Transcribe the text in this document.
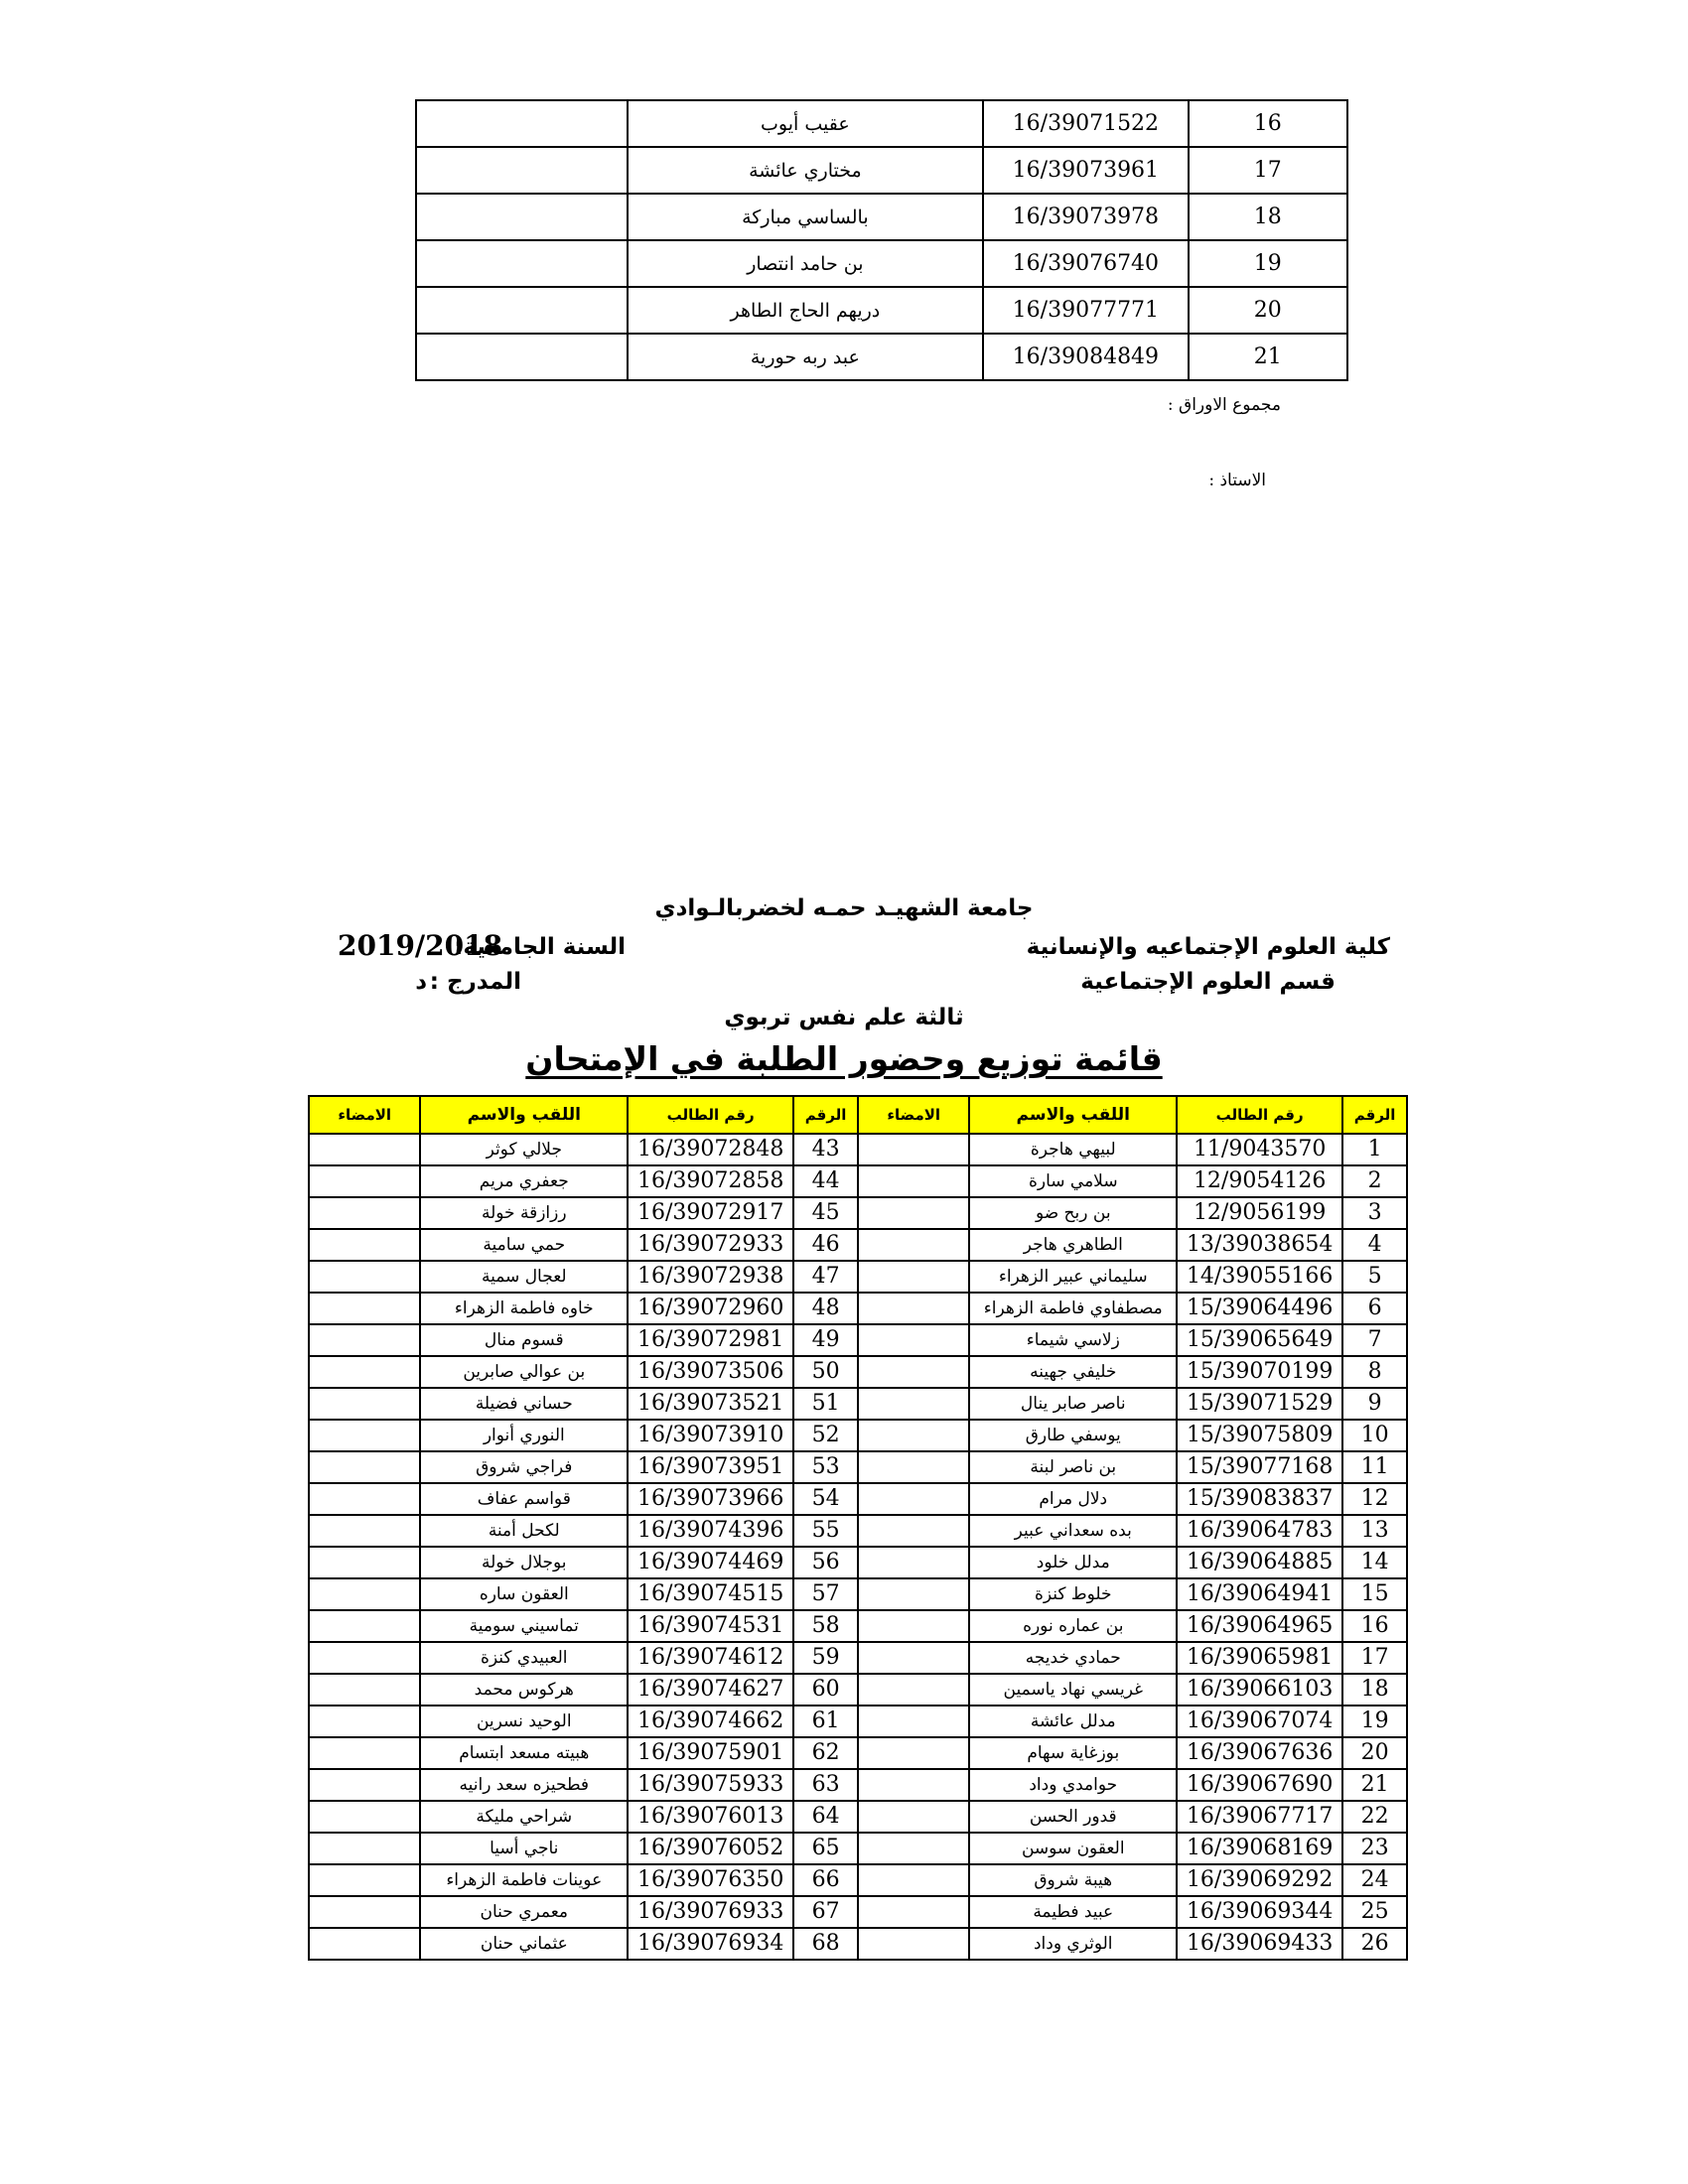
16	16/39071522	عقيب أيوب	
17	16/39073961	مختاري عائشة	
18	16/39073978	بالساسي مباركة	
19	16/39076740	بن حامد انتصار	
20	16/39077771	دريهم الحاج الطاهر	
21	16/39084849	عبد ربه حورية	
مجموع الاوراق :
الاستاذ :
جامعة الشهيـد حمـه لخضربالـوادي
كلية العلوم الإجتماعيه والإنسانية
السنة الجامعية:
2019/2018
قسم العلوم الإجتماعية
المدرج :
د
ثالثة علم نفس تربوي
قائمة توزيع وحضور الطلبة في الإمتحان
الرقم	رقم الطالب	اللقب والاسم	الامضاء	الرقم	رقم الطالب	اللقب والاسم	الامضاء
1	11/9043570	لبيهي هاجرة		43	16/39072848	جلالي كوثر	
2	12/9054126	سلامي سارة		44	16/39072858	جعفري مريم	
3	12/9056199	بن ربح ضو		45	16/39072917	رزازقة خولة	
4	13/39038654	الطاهري هاجر		46	16/39072933	حمي سامية	
5	14/39055166	سليماني عبير الزهراء		47	16/39072938	لعجال سمية	
6	15/39064496	مصطفاوي فاطمة الزهراء		48	16/39072960	خاوه فاطمة الزهراء	
7	15/39065649	زلاسي شيماء		49	16/39072981	قسوم منال	
8	15/39070199	خليفي جهينه		50	16/39073506	بن عوالي صابرين	
9	15/39071529	ناصر صابر ينال		51	16/39073521	حساني فضيلة	
10	15/39075809	يوسفي طارق		52	16/39073910	النوري أنوار	
11	15/39077168	بن ناصر لبنة		53	16/39073951	فراجي شروق	
12	15/39083837	دلال مرام		54	16/39073966	قواسم عفاف	
13	16/39064783	بده سعداني عبير		55	16/39074396	لكحل أمنة	
14	16/39064885	مدلل خلود		56	16/39074469	بوجلال خولة	
15	16/39064941	خلوط كنزة		57	16/39074515	العقون ساره	
16	16/39064965	بن عماره نوره		58	16/39074531	تماسيني سومية	
17	16/39065981	حمادي خديجه		59	16/39074612	العبيدي كنزة	
18	16/39066103	غريسي نهاد ياسمين		60	16/39074627	هركوس محمد	
19	16/39067074	مدلل عائشة		61	16/39074662	الوحيد نسرين	
20	16/39067636	بوزغاية سهام		62	16/39075901	هبيته مسعد ابتسام	
21	16/39067690	حوامدي وداد		63	16/39075933	فطحيزه سعد رانيه	
22	16/39067717	قدور الحسن		64	16/39076013	شراحي مليكة	
23	16/39068169	العقون سوسن		65	16/39076052	ناجي أسيا	
24	16/39069292	هيبة شروق		66	16/39076350	عوينات فاطمة الزهراء	
25	16/39069344	عبيد فطيمة		67	16/39076933	معمري حنان	
26	16/39069433	الوثري وداد		68	16/39076934	عثماني حنان	
